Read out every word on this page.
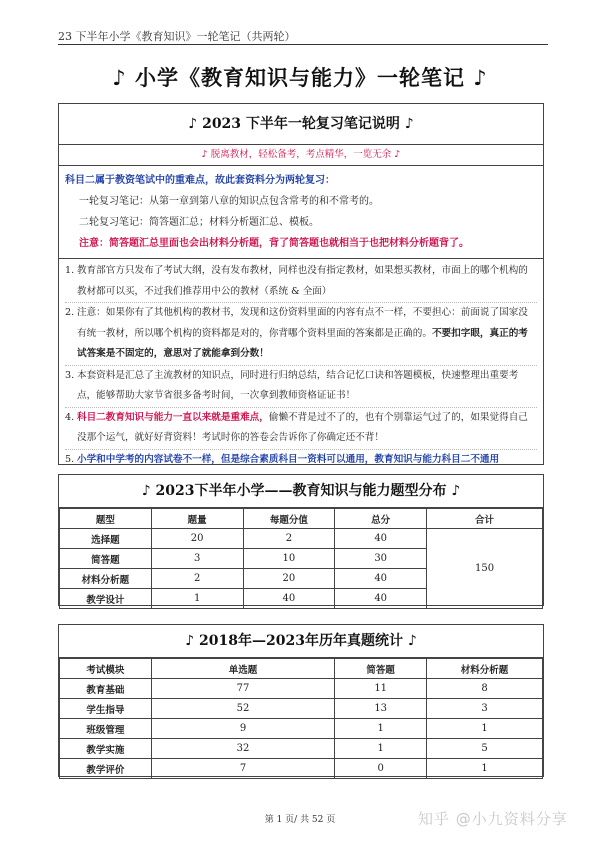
23 下半年小学《教育知识》一轮笔记（共两轮）
♪ 小学《教育知识与能力》一轮笔记 ♪
♪ 2023 下半年一轮复习笔记说明 ♪
♪ 脱离教材，轻松备考，考点精华，一览无余 ♪
科目二属于教资笔试中的重难点，故此套资料分为两轮复习：
一轮复习笔记：从第一章到第八章的知识点包含常考的和不常考的。
二轮复习笔记：简答题汇总；材料分析题汇总、模板。
注意：简答题汇总里面也会出材料分析题，背了简答题也就相当于也把材料分析题背了。
1. 教育部官方只发布了考试大纲，没有发布教材，同样也没有指定教材，如果想买教材，市面上的哪个机构的教材都可以买，不过我们推荐用中公的教材（系统 & 全面）
2. 注意：如果你有了其他机构的教材书，发现和这份资料里面的内容有点不一样，不要担心：前面说了国家没有统一教材，所以哪个机构的资料都是对的，你背哪个资料里面的答案都是正确的。不要扣字眼，真正的考试答案是不固定的，意思对了就能拿到分数！
3. 本套资料是汇总了主流教材的知识点，同时进行归纳总结，结合记忆口诀和答题模板，快速整理出重要考点，能够帮助大家节省很多备考时间，一次拿到教师资格证证书！
4. 科目二教育知识与能力一直以来就是重难点，偷懒不背是过不了的，也有个别靠运气过了的，如果觉得自己没那个运气，就好好背资料！考试时你的答卷会告诉你了你确定还不背！
5. 小学和中学考的内容试卷不一样，但是综合素质科目一资料可以通用，教育知识与能力科目二不通用
♪ 2023下半年小学——教育知识与能力题型分布 ♪
题型	题量	每题分值	总分	合计
选择题	20	2	40	150
简答题	3	10	30	
材料分析题	2	20	40	
教学设计	1	40	40	
♪ 2018年—2023年历年真题统计 ♪
考试模块	单选题	简答题	材料分析题
教育基础	77	11	8
学生指导	52	13	3
班级管理	9	1	1
教学实施	32	1	5
教学评价	7	0	1
第 1 页/ 共 52 页	知乎 @小九资料分享
